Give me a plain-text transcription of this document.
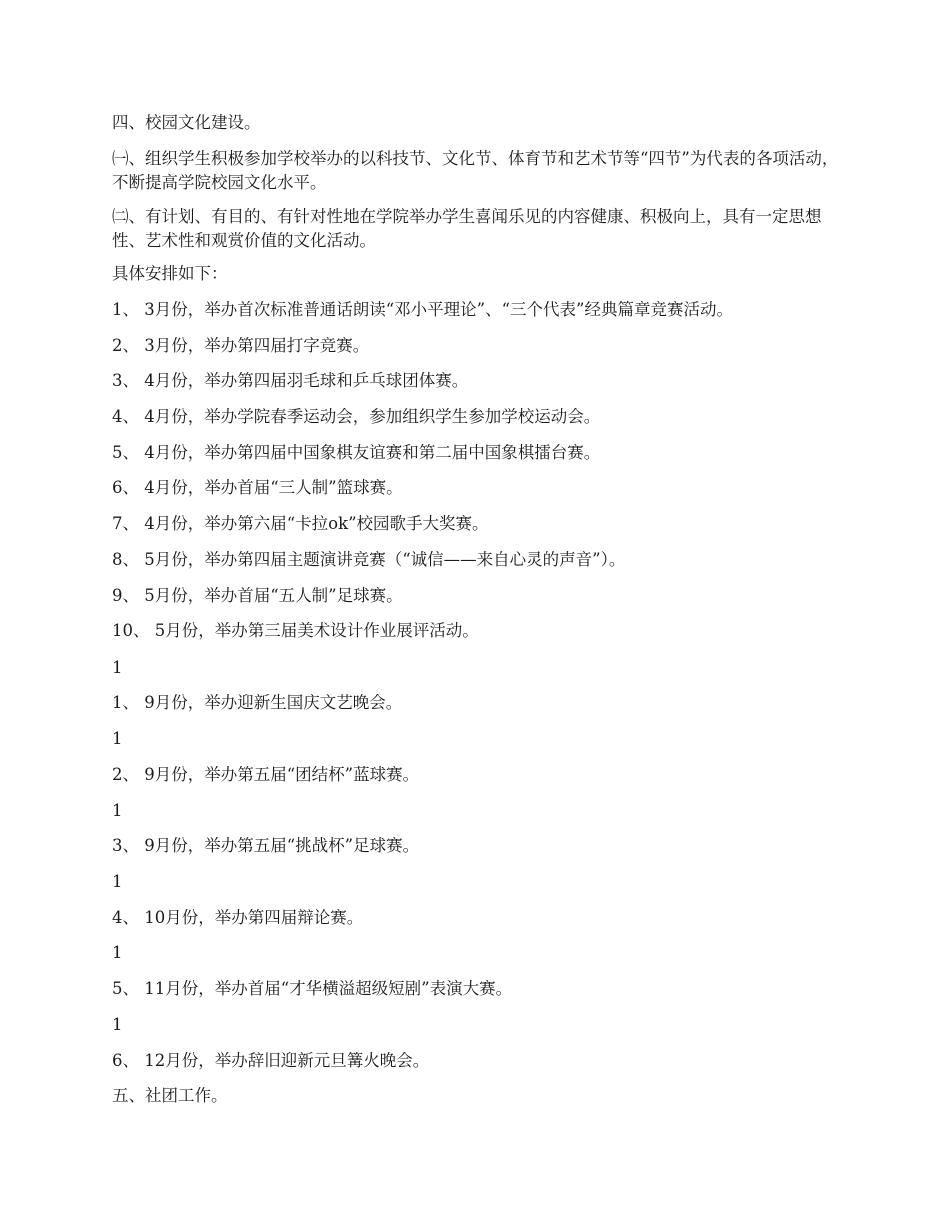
四、校园文化建设。
㈠、组织学生积极参加学校举办的以科技节、文化节、体育节和艺术节等“四节”为代表的各项活动，不断提高学院校园文化水平。
㈡、有计划、有目的、有针对性地在学院举办学生喜闻乐见的内容健康、积极向上，具有一定思想性、艺术性和观赏价值的文化活动。
具体安排如下：
1、 3月份，举办首次标准普通话朗读“邓小平理论”、“三个代表”经典篇章竞赛活动。
2、 3月份，举办第四届打字竞赛。
3、 4月份，举办第四届羽毛球和乒乓球团体赛。
4、 4月份，举办学院春季运动会，参加组织学生参加学校运动会。
5、 4月份，举办第四届中国象棋友谊赛和第二届中国象棋擂台赛。
6、 4月份，举办首届“三人制”篮球赛。
7、 4月份，举办第六届“卡拉ok”校园歌手大奖赛。
8、 5月份，举办第四届主题演讲竞赛（“诚信——来自心灵的声音”）。
9、 5月份，举办首届“五人制”足球赛。
10、 5月份，举办第三届美术设计作业展评活动。
1
1、 9月份，举办迎新生国庆文艺晚会。
1
2、 9月份，举办第五届“团结杯”蓝球赛。
1
3、 9月份，举办第五届“挑战杯”足球赛。
1
4、 10月份，举办第四届辩论赛。
1
5、 11月份，举办首届“才华横溢超级短剧”表演大赛。
1
6、 12月份，举办辞旧迎新元旦篝火晚会。
五、社团工作。
